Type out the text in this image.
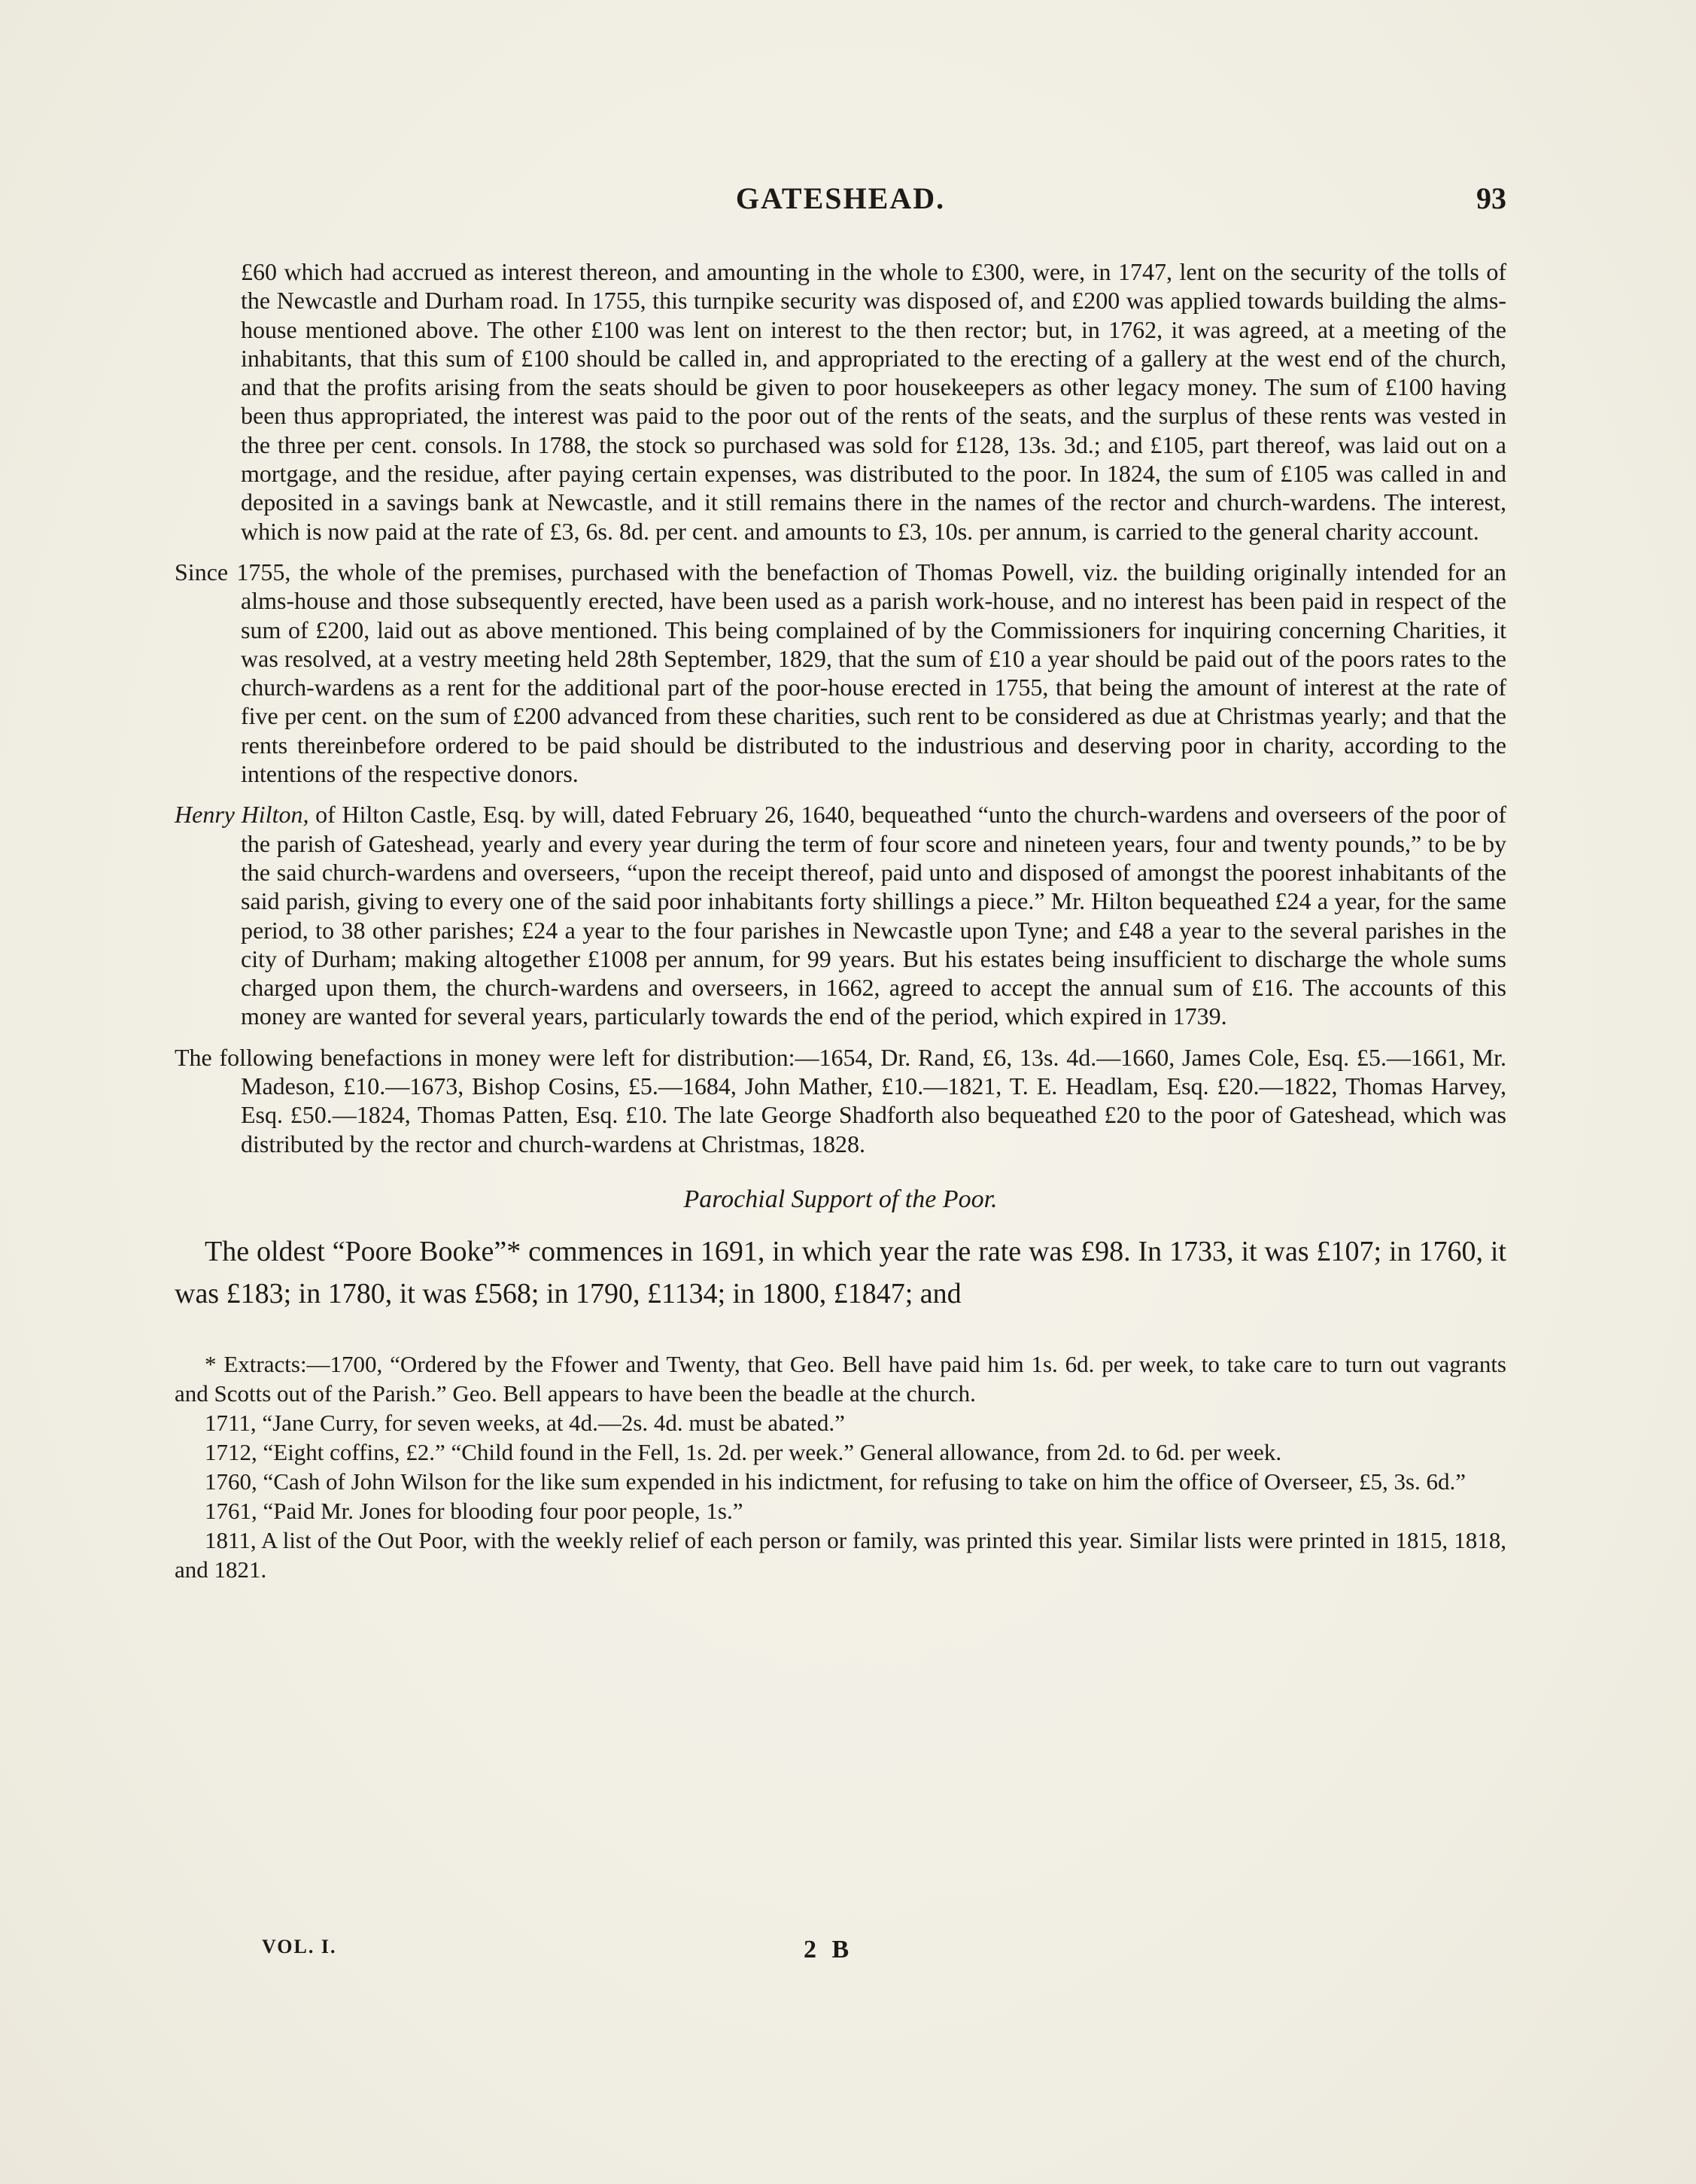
GATESHEAD.	93

£60 which had accrued as interest thereon, and amounting in the whole to £300, were, in 1747, lent on the security of the tolls of the Newcastle and Durham road. In 1755, this turnpike security was disposed of, and £200 was applied towards building the alms-house mentioned above. The other £100 was lent on interest to the then rector; but, in 1762, it was agreed, at a meeting of the inhabitants, that this sum of £100 should be called in, and appropriated to the erecting of a gallery at the west end of the church, and that the profits arising from the seats should be given to poor housekeepers as other legacy money. The sum of £100 having been thus appropriated, the interest was paid to the poor out of the rents of the seats, and the surplus of these rents was vested in the three per cent. consols. In 1788, the stock so purchased was sold for £128, 13s. 3d.; and £105, part thereof, was laid out on a mortgage, and the residue, after paying certain expenses, was distributed to the poor. In 1824, the sum of £105 was called in and deposited in a savings bank at Newcastle, and it still remains there in the names of the rector and church-wardens. The interest, which is now paid at the rate of £3, 6s. 8d. per cent. and amounts to £3, 10s. per annum, is carried to the general charity account.

Since 1755, the whole of the premises, purchased with the benefaction of Thomas Powell, viz. the building originally intended for an alms-house and those subsequently erected, have been used as a parish work-house, and no interest has been paid in respect of the sum of £200, laid out as above mentioned. This being complained of by the Commissioners for inquiring concerning Charities, it was resolved, at a vestry meeting held 28th September, 1829, that the sum of £10 a year should be paid out of the poors rates to the church-wardens as a rent for the additional part of the poor-house erected in 1755, that being the amount of interest at the rate of five per cent. on the sum of £200 advanced from these charities, such rent to be considered as due at Christmas yearly; and that the rents thereinbefore ordered to be paid should be distributed to the industrious and deserving poor in charity, according to the intentions of the respective donors.

Henry Hilton, of Hilton Castle, Esq. by will, dated February 26, 1640, bequeathed “unto the church-wardens and overseers of the poor of the parish of Gateshead, yearly and every year during the term of four score and nineteen years, four and twenty pounds,” to be by the said church-wardens and overseers, “upon the receipt thereof, paid unto and disposed of amongst the poorest inhabitants of the said parish, giving to every one of the said poor inhabitants forty shillings a piece.” Mr. Hilton bequeathed £24 a year, for the same period, to 38 other parishes; £24 a year to the four parishes in Newcastle upon Tyne; and £48 a year to the several parishes in the city of Durham; making altogether £1008 per annum, for 99 years. But his estates being insufficient to discharge the whole sums charged upon them, the church-wardens and overseers, in 1662, agreed to accept the annual sum of £16. The accounts of this money are wanted for several years, particularly towards the end of the period, which expired in 1739.

The following benefactions in money were left for distribution:—1654, Dr. Rand, £6, 13s. 4d.—1660, James Cole, Esq. £5.—1661, Mr. Madeson, £10.—1673, Bishop Cosins, £5.—1684, John Mather, £10.—1821, T. E. Headlam, Esq. £20.—1822, Thomas Harvey, Esq. £50.—1824, Thomas Patten, Esq. £10. The late George Shadforth also bequeathed £20 to the poor of Gateshead, which was distributed by the rector and church-wardens at Christmas, 1828.

Parochial Support of the Poor.

The oldest “Poore Booke”* commences in 1691, in which year the rate was £98. In 1733, it was £107; in 1760, it was £183; in 1780, it was £568; in 1790, £1134; in 1800, £1847; and

* Extracts:—1700, “Ordered by the Ffower and Twenty, that Geo. Bell have paid him 1s. 6d. per week, to take care to turn out vagrants and Scotts out of the Parish.” Geo. Bell appears to have been the beadle at the church.

1711, “Jane Curry, for seven weeks, at 4d.—2s. 4d. must be abated.”

1712, “Eight coffins, £2.” “Child found in the Fell, 1s. 2d. per week.” General allowance, from 2d. to 6d. per week.

1760, “Cash of John Wilson for the like sum expended in his indictment, for refusing to take on him the office of Overseer, £5, 3s. 6d.”

1761, “Paid Mr. Jones for blooding four poor people, 1s.”

1811, A list of the Out Poor, with the weekly relief of each person or family, was printed this year. Similar lists were printed in 1815, 1818, and 1821.

VOL. I.	2 B
